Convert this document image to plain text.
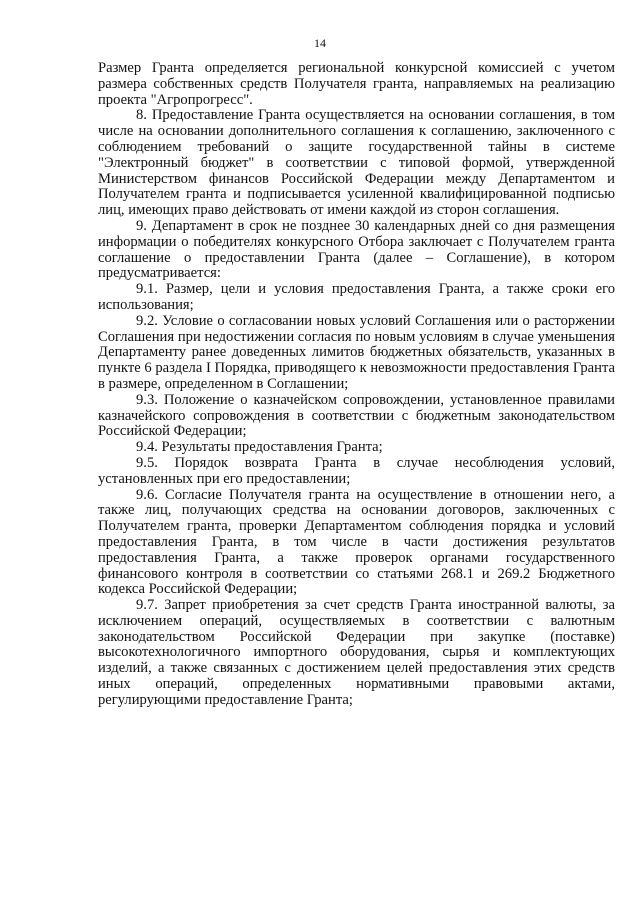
14

Размер Гранта определяется региональной конкурсной комиссией с учетом размера собственных средств Получателя гранта, направляемых на реализацию проекта "Агропрогресс".

8. Предоставление Гранта осуществляется на основании соглашения, в том числе на основании дополнительного соглашения к соглашению, заключенного с соблюдением требований о защите государственной тайны в системе "Электронный бюджет" в соответствии с типовой формой, утвержденной Министерством финансов Российской Федерации между Департаментом и Получателем гранта и подписывается усиленной квалифицированной подписью лиц, имеющих право действовать от имени каждой из сторон соглашения.

9. Департамент в срок не позднее 30 календарных дней со дня размещения информации о победителях конкурсного Отбора заключает с Получателем гранта соглашение о предоставлении Гранта (далее – Соглашение), в котором предусматривается:

9.1. Размер, цели и условия предоставления Гранта, а также сроки его использования;

9.2. Условие о согласовании новых условий Соглашения или о расторжении Соглашения при недостижении согласия по новым условиям в случае уменьшения Департаменту ранее доведенных лимитов бюджетных обязательств, указанных в пункте 6 раздела I Порядка, приводящего к невозможности предоставления Гранта в размере, определенном в Соглашении;

9.3. Положение о казначейском сопровождении, установленное правилами казначейского сопровождения в соответствии с бюджетным законодательством Российской Федерации;

9.4. Результаты предоставления Гранта;

9.5. Порядок возврата Гранта в случае несоблюдения условий, установленных при его предоставлении;

9.6. Согласие Получателя гранта на осуществление в отношении него, а также лиц, получающих средства на основании договоров, заключенных с Получателем гранта, проверки Департаментом соблюдения порядка и условий предоставления Гранта, в том числе в части достижения результатов предоставления Гранта, а также проверок органами государственного финансового контроля в соответствии со статьями 268.1 и 269.2 Бюджетного кодекса Российской Федерации;

9.7. Запрет приобретения за счет средств Гранта иностранной валюты, за исключением операций, осуществляемых в соответствии с валютным законодательством Российской Федерации при закупке (поставке) высокотехнологичного импортного оборудования, сырья и комплектующих изделий, а также связанных с достижением целей предоставления этих средств иных операций, определенных нормативными правовыми актами, регулирующими предоставление Гранта;
